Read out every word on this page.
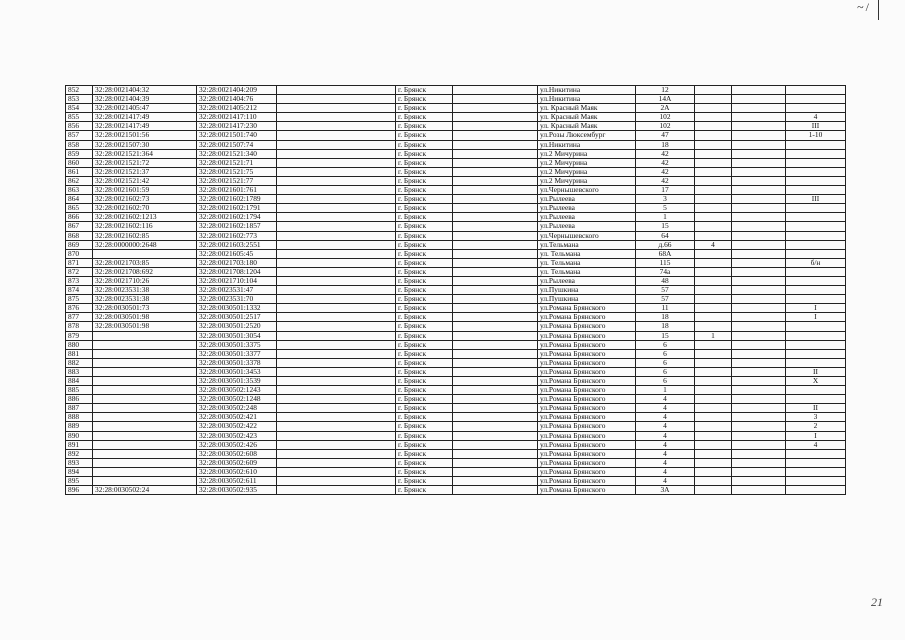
~/
852	32:28:0021404:32	32:28:0021404:209		г. Брянск		ул.Никитина	12			
853	32:28:0021404:39	32:28:0021404:76		г. Брянск		ул.Никитина	14А			
854	32:28:0021405:47	32:28:0021405:212		г. Брянск		ул. Красный Маяк	2А			
855	32:28:0021417:49	32:28:0021417:110		г. Брянск		ул. Красный Маяк	102			4
856	32:28:0021417:49	32:28:0021417:230		г. Брянск		ул. Красный Маяк	102			III
857	32:28:0021501:56	32:28:0021501:740		г. Брянск		ул.Розы Люксембург	47			1-10
858	32:28:0021507:30	32:28:0021507:74		г. Брянск		ул.Никитина	18			
859	32:28:0021521:364	32:28:0021521:340		г. Брянск		ул.2 Мичурина	42			
860	32:28:0021521:72	32:28:0021521:71		г. Брянск		ул.2 Мичурина	42			
861	32:28:0021521:37	32:28:0021521:75		г. Брянск		ул.2 Мичурина	42			
862	32:28:0021521:42	32:28:0021521:77		г. Брянск		ул.2 Мичурина	42			
863	32:28:0021601:59	32:28:0021601:761		г. Брянск		ул.Чернышевского	17			
864	32:28:0021602:73	32:28:0021602:1789		г. Брянск		ул.Рылеева	3			III
865	32:28:0021602:70	32:28:0021602:1791		г. Брянск		ул.Рылеева	5			
866	32:28:0021602:1213	32:28:0021602:1794		г. Брянск		ул.Рылеева	1			
867	32:28:0021602:116	32:28:0021602:1857		г. Брянск		ул.Рылеева	15			
868	32:28:0021602:85	32:28:0021602:773		г. Брянск		ул.Чернышевского	64			
869	32:28:0000000:2648	32:28:0021603:2551		г. Брянск		ул.Тельмана	д.66	4		
870		32:28:0021605:45		г. Брянск		ул. Тельмана	68А			
871	32:28:0021703:85	32:28:0021703:180		г. Брянск		ул. Тельмана	115			б/н
872	32:28:0021708:692	32:28:0021708:1204		г. Брянск		ул. Тельмана	74а			
873	32:28:0021710:26	32:28:0021710:104		г. Брянск		ул.Рылеева	48			
874	32:28:0023531:38	32:28:0023531:47		г. Брянск		ул.Пушкина	57			
875	32:28:0023531:38	32:28:0023531:70		г. Брянск		ул.Пушкина	57			
876	32:28:0030501:73	32:28:0030501:1332		г. Брянск		ул.Романа Брянского	11			I
877	32:28:0030501:98	32:28:0030501:2517		г. Брянск		ул.Романа Брянского	18			I
878	32:28:0030501:98	32:28:0030501:2520		г. Брянск		ул.Романа Брянского	18			
879		32:28:0030501:3054		г. Брянск		ул.Романа Брянского	15	1		
880		32:28:0030501:3375		г. Брянск		ул.Романа Брянского	6			
881		32:28:0030501:3377		г. Брянск		ул.Романа Брянского	6			
882		32:28:0030501:3378		г. Брянск		ул.Романа Брянского	6			
883		32:28:0030501:3453		г. Брянск		ул.Романа Брянского	6			II
884		32:28:0030501:3539		г. Брянск		ул.Романа Брянского	6			X
885		32:28:0030502:1243		г. Брянск		ул.Романа Брянского	1			
886		32:28:0030502:1248		г. Брянск		ул.Романа Брянского	4			
887		32:28:0030502:248		г. Брянск		ул.Романа Брянского	4			II
888		32:28:0030502:421		г. Брянск		ул.Романа Брянского	4			3
889		32:28:0030502:422		г. Брянск		ул.Романа Брянского	4			2
890		32:28:0030502:423		г. Брянск		ул.Романа Брянского	4			I
891		32:28:0030502:426		г. Брянск		ул.Романа Брянского	4			4
892		32:28:0030502:608		г. Брянск		ул.Романа Брянского	4			
893		32:28:0030502:609		г. Брянск		ул.Романа Брянского	4			
894		32:28:0030502:610		г. Брянск		ул.Романа Брянского	4			
895		32:28:0030502:611		г. Брянск		ул.Романа Брянского	4			
896	32:28:0030502:24	32:28:0030502:935		г. Брянск		ул.Романа Брянского	3А			
21
